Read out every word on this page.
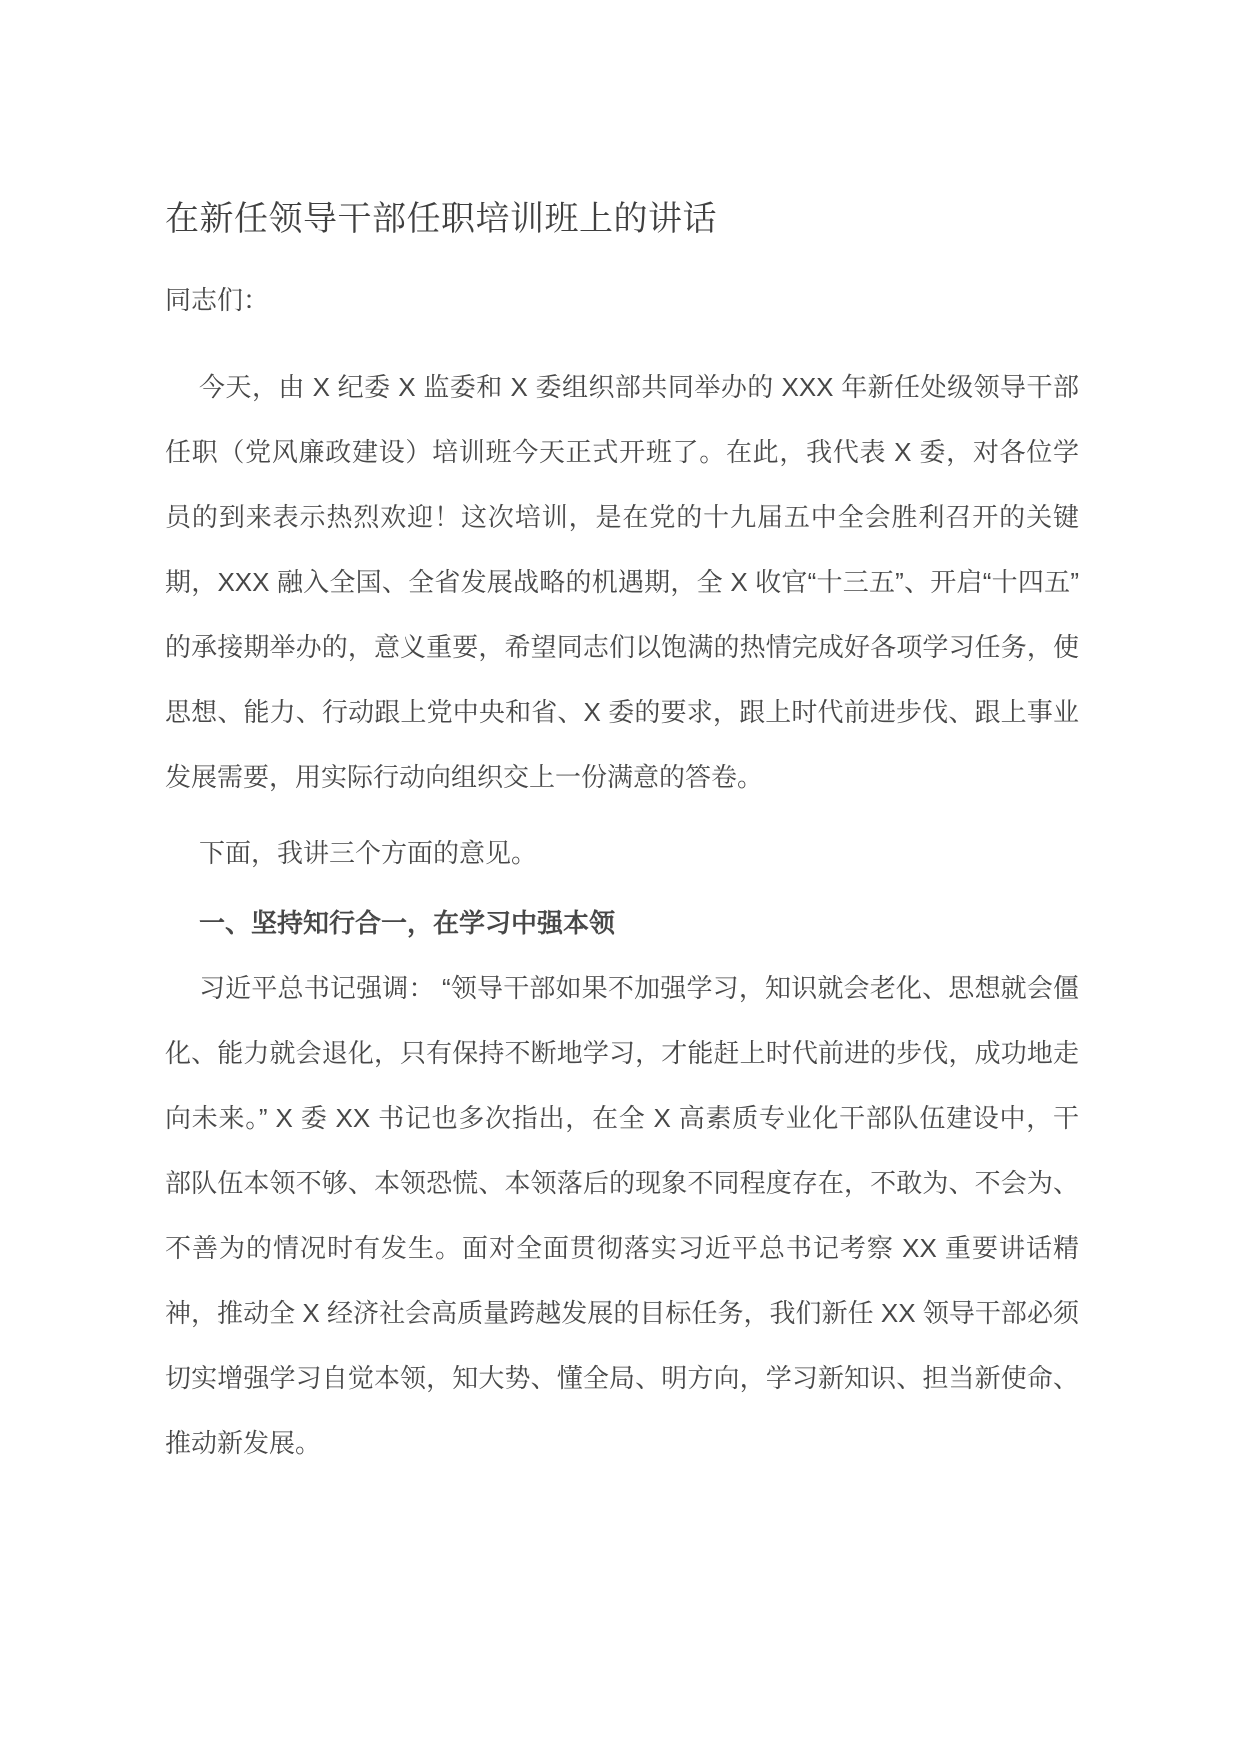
在新任领导干部任职培训班上的讲话

同志们：

今天，由 X 纪委 X 监委和 X 委组织部共同举办的 XXX 年新任处级领导干部任职（党风廉政建设）培训班今天正式开班了。在此，我代表 X 委，对各位学员的到来表示热烈欢迎！这次培训，是在党的十九届五中全会胜利召开的关键期，XXX 融入全国、全省发展战略的机遇期，全 X 收官“十三五”、开启“十四五”的承接期举办的，意义重要，希望同志们以饱满的热情完成好各项学习任务，使思想、能力、行动跟上党中央和省、X 委的要求，跟上时代前进步伐、跟上事业发展需要，用实际行动向组织交上一份满意的答卷。

下面，我讲三个方面的意见。

一、坚持知行合一，在学习中强本领

习近平总书记强调： “领导干部如果不加强学习，知识就会老化、思想就会僵化、能力就会退化，只有保持不断地学习，才能赶上时代前进的步伐，成功地走向未来。” X 委 XX 书记也多次指出，在全 X 高素质专业化干部队伍建设中，干部队伍本领不够、本领恐慌、本领落后的现象不同程度存在，不敢为、不会为、不善为的情况时有发生。面对全面贯彻落实习近平总书记考察 XX 重要讲话精神，推动全 X 经济社会高质量跨越发展的目标任务，我们新任 XX 领导干部必须切实增强学习自觉本领，知大势、懂全局、明方向，学习新知识、担当新使命、推动新发展。
